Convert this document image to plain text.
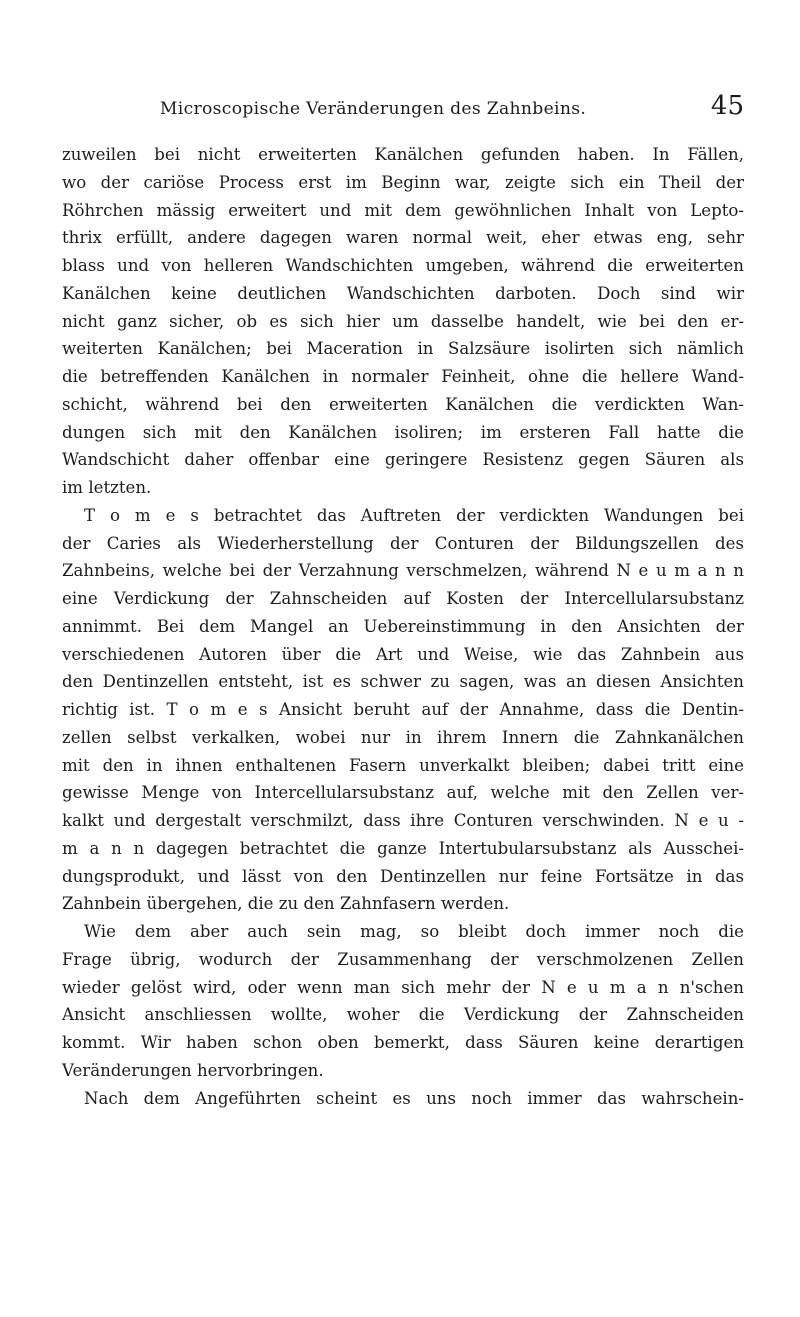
Microscopische Veränderungen des Zahnbeins.	45
zuweilen bei nicht erweiterten Kanälchen gefunden haben. In Fällen,
wo der cariöse Process erst im Beginn war, zeigte sich ein Theil der
Röhrchen mässig erweitert und mit dem gewöhnlichen Inhalt von Lepto-
thrix erfüllt, andere dagegen waren normal weit, eher etwas eng, sehr
blass und von helleren Wandschichten umgeben, während die erweiterten
Kanälchen keine deutlichen Wandschichten darboten. Doch sind wir
nicht ganz sicher, ob es sich hier um dasselbe handelt, wie bei den er-
weiterten Kanälchen; bei Maceration in Salzsäure isolirten sich nämlich
die betreffenden Kanälchen in normaler Feinheit, ohne die hellere Wand-
schicht, während bei den erweiterten Kanälchen die verdickten Wan-
dungen sich mit den Kanälchen isoliren; im ersteren Fall hatte die
Wandschicht daher offenbar eine geringere Resistenz gegen Säuren als
im letzten.
T o m e s betrachtet das Auftreten der verdickten Wandungen bei
der Caries als Wiederherstellung der Conturen der Bildungszellen des
Zahnbeins, welche bei der Verzahnung verschmelzen, während N e u m a n n
eine Verdickung der Zahnscheiden auf Kosten der Intercellularsubstanz
annimmt. Bei dem Mangel an Uebereinstimmung in den Ansichten der
verschiedenen Autoren über die Art und Weise, wie das Zahnbein aus
den Dentinzellen entsteht, ist es schwer zu sagen, was an diesen Ansichten
richtig ist. T o m e s Ansicht beruht auf der Annahme, dass die Dentin-
zellen selbst verkalken, wobei nur in ihrem Innern die Zahnkanälchen
mit den in ihnen enthaltenen Fasern unverkalkt bleiben; dabei tritt eine
gewisse Menge von Intercellularsubstanz auf, welche mit den Zellen ver-
kalkt und dergestalt verschmilzt, dass ihre Conturen verschwinden. N e u -
m a n n dagegen betrachtet die ganze Intertubularsubstanz als Ausschei-
dungsprodukt, und lässt von den Dentinzellen nur feine Fortsätze in das
Zahnbein übergehen, die zu den Zahnfasern werden.
Wie dem aber auch sein mag, so bleibt doch immer noch die
Frage übrig, wodurch der Zusammenhang der verschmolzenen Zellen
wieder gelöst wird, oder wenn man sich mehr der N e u m a n n'schen
Ansicht anschliessen wollte, woher die Verdickung der Zahnscheiden
kommt. Wir haben schon oben bemerkt, dass Säuren keine derartigen
Veränderungen hervorbringen.
Nach dem Angeführten scheint es uns noch immer das wahrschein-
